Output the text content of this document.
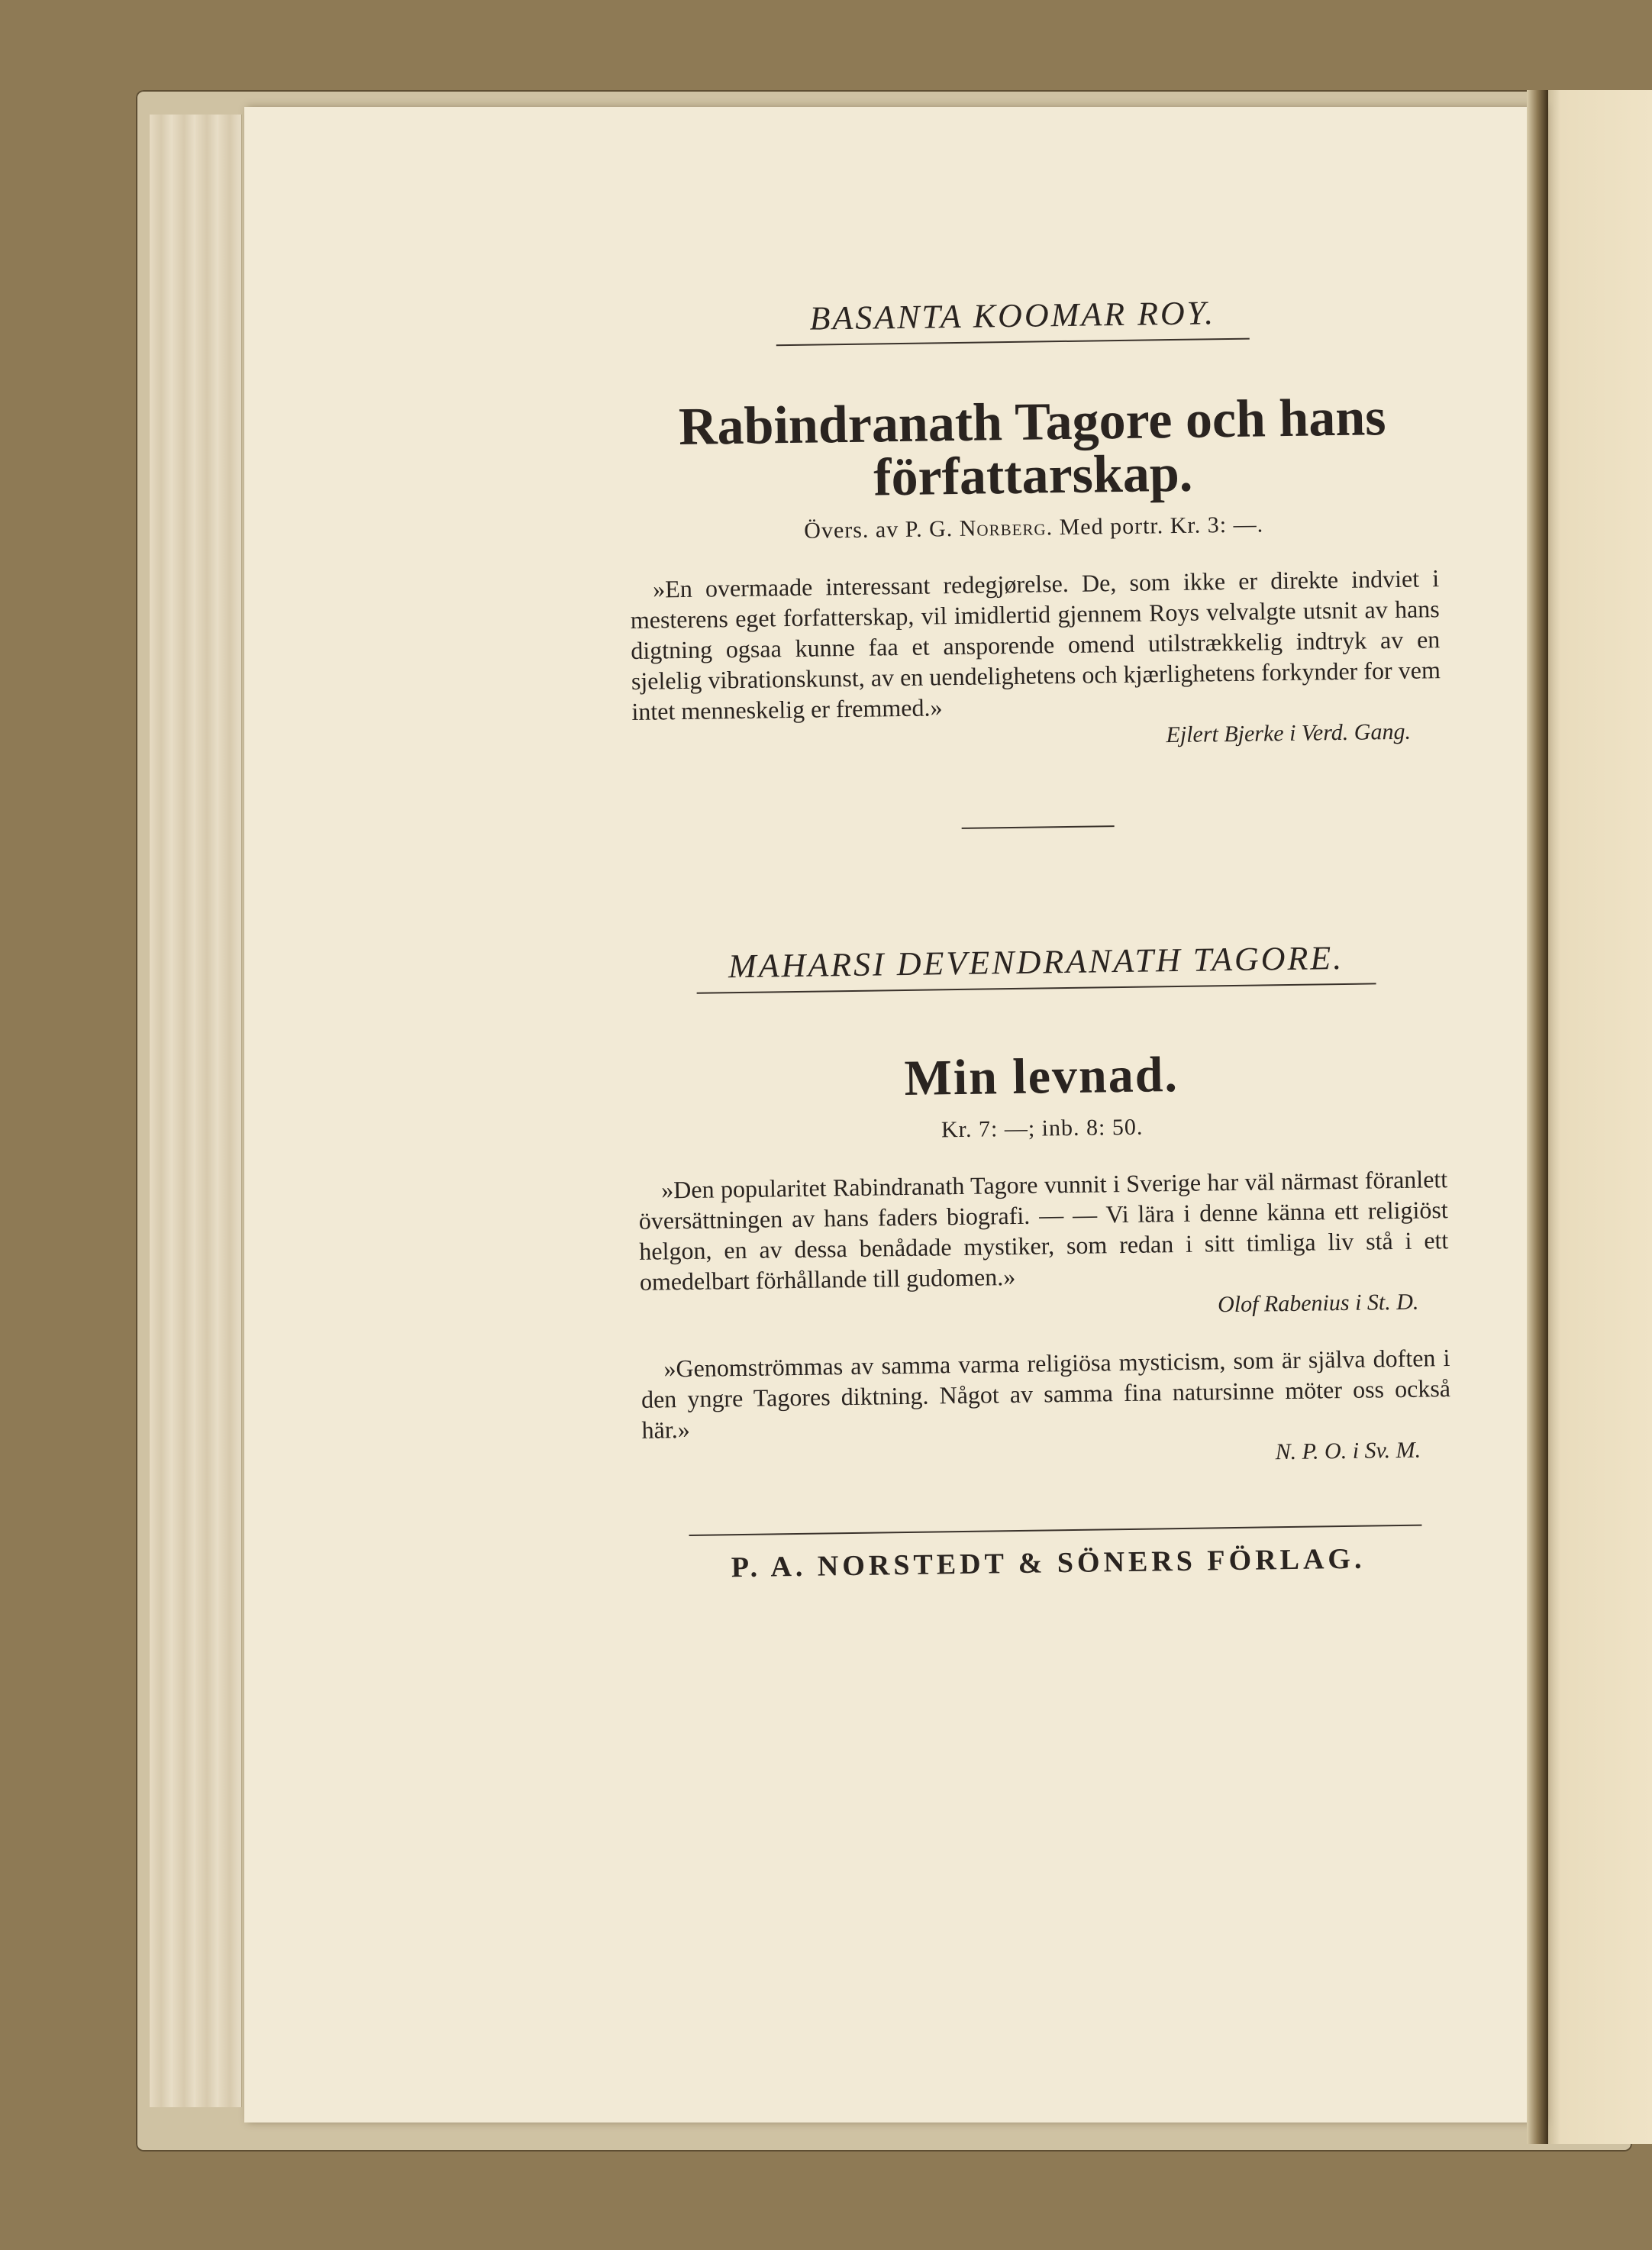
BASANTA KOOMAR ROY.
Rabindranath Tagore och hans
författarskap.
Övers. av P. G. Norberg. Med portr. Kr. 3: —.
»En overmaade interessant redegjørelse. De, som ikke er direkte indviet i mesterens eget forfatterskap, vil imidlertid gjennem Roys velvalgte utsnit av hans digtning ogsaa kunne faa et ansporende omend utilstrækkelig indtryk av en sjelelig vibrationskunst, av en uendelighetens och kjærlighetens forkynder for vem intet menneskelig er fremmed.»
Ejlert Bjerke i Verd. Gang.
MAHARSI DEVENDRANATH TAGORE.
Min levnad.
Kr. 7: —; inb. 8: 50.
»Den popularitet Rabindranath Tagore vunnit i Sverige har väl närmast föranlett översättningen av hans faders biografi. — — Vi lära i denne känna ett religiöst helgon, en av dessa benådade mystiker, som redan i sitt timliga liv stå i ett omedelbart förhållande till gudomen.»
Olof Rabenius i St. D.
»Genomströmmas av samma varma religiösa mysticism, som är själva doften i den yngre Tagores diktning. Något av samma fina natursinne möter oss också här.»
N. P. O. i Sv. M.
P. A. NORSTEDT & SÖNERS FÖRLAG.
